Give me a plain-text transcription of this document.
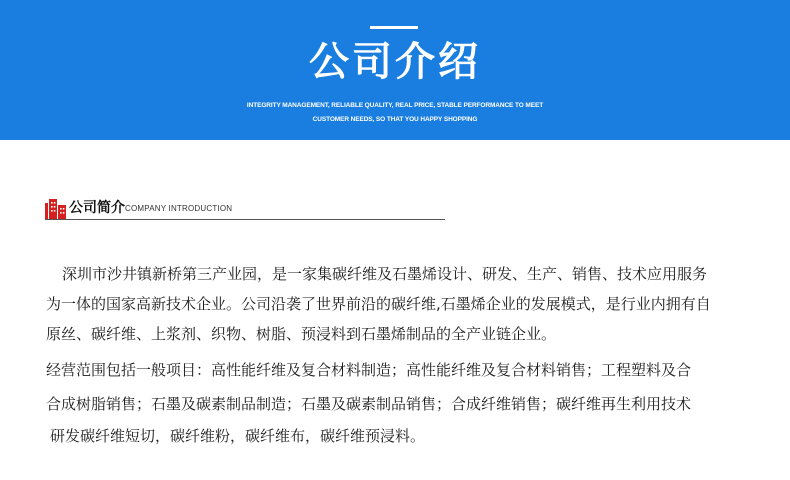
公司介绍
INTEGRITY MANAGEMENT, RELIABLE QUALITY, REAL PRICE, STABLE PERFORMANCE TO MEET
CUSTOMER NEEDS, SO THAT YOU HAPPY SHOPPING
公司简介 COMPANY INTRODUCTION
深圳市沙井镇新桥第三产业园，是一家集碳纤维及石墨烯设计、研发、生产、销售、技术应用服务
为一体的国家高新技术企业。公司沿袭了世界前沿的碳纤维,石墨烯企业的发展模式，是行业内拥有自
原丝、碳纤维、上浆剂、织物、树脂、预浸料到石墨烯制品的全产业链企业。
经营范围包括一般项目：高性能纤维及复合材料制造；高性能纤维及复合材料销售；工程塑料及合
合成树脂销售；石墨及碳素制品制造；石墨及碳素制品销售；合成纤维销售；碳纤维再生利用技术
研发碳纤维短切，碳纤维粉，碳纤维布，碳纤维预浸料。
